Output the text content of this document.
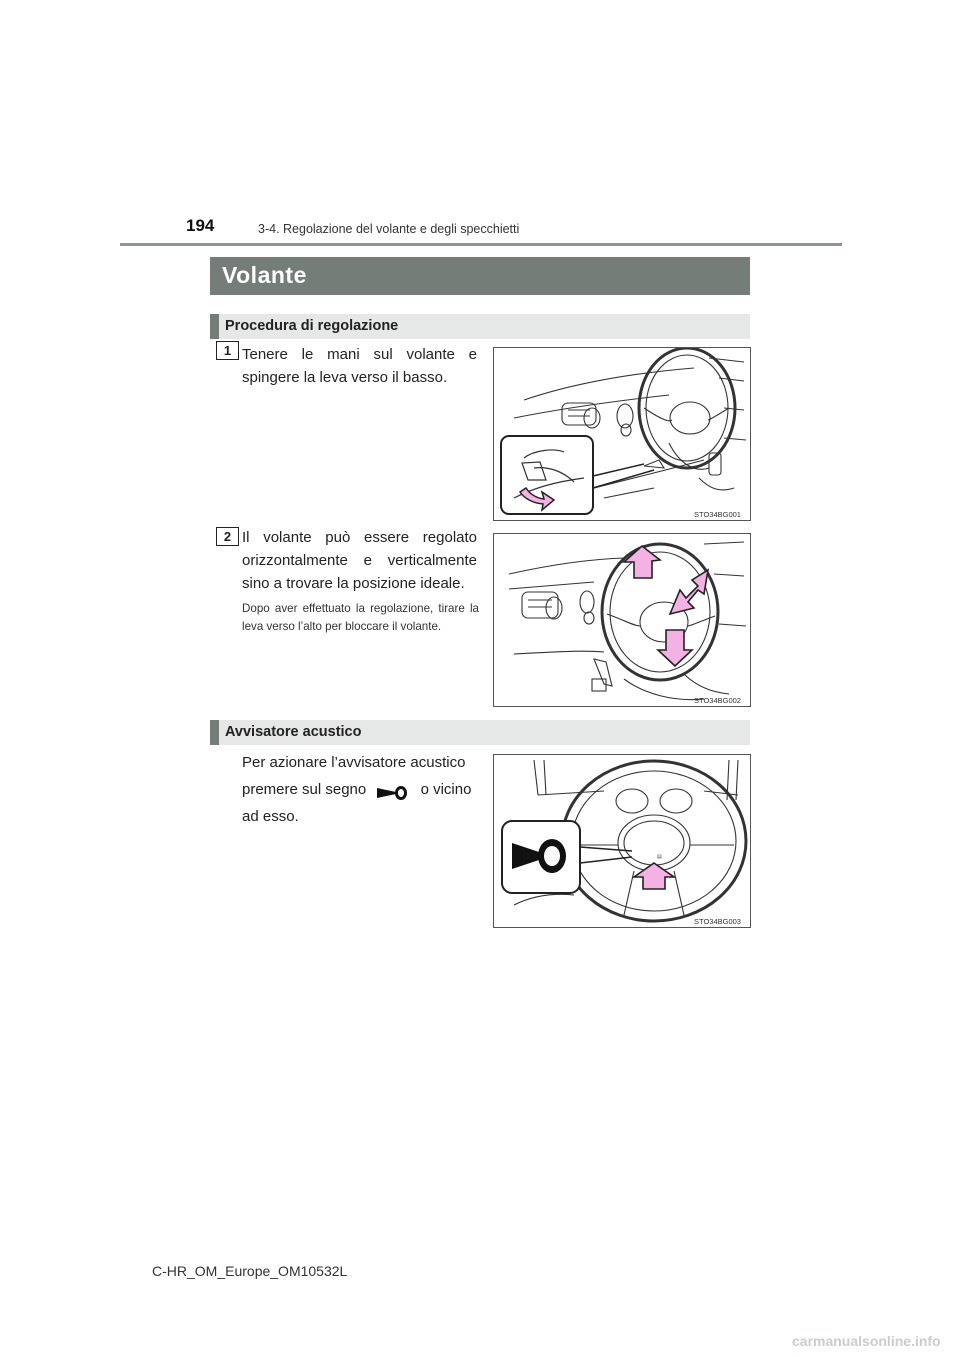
194	3-4. Regolazione del volante e degli specchietti
Volante
Procedura di regolazione
1 Tenere le mani sul volante e spingere la leva verso il basso.
STO34BG001
2 Il volante può essere regolato orizzontalmente e verticalmente sino a trovare la posizione ideale.
Dopo aver effettuato la regolazione, tirare la leva verso l’alto per bloccare il volante.
STO34BG002
Avvisatore acustico
Per azionare l’avvisatore acustico premere sul segno	o vicino ad esso.
▤
STO34BG003
C-HR_OM_Europe_OM10532L
carmanualsonline.info
